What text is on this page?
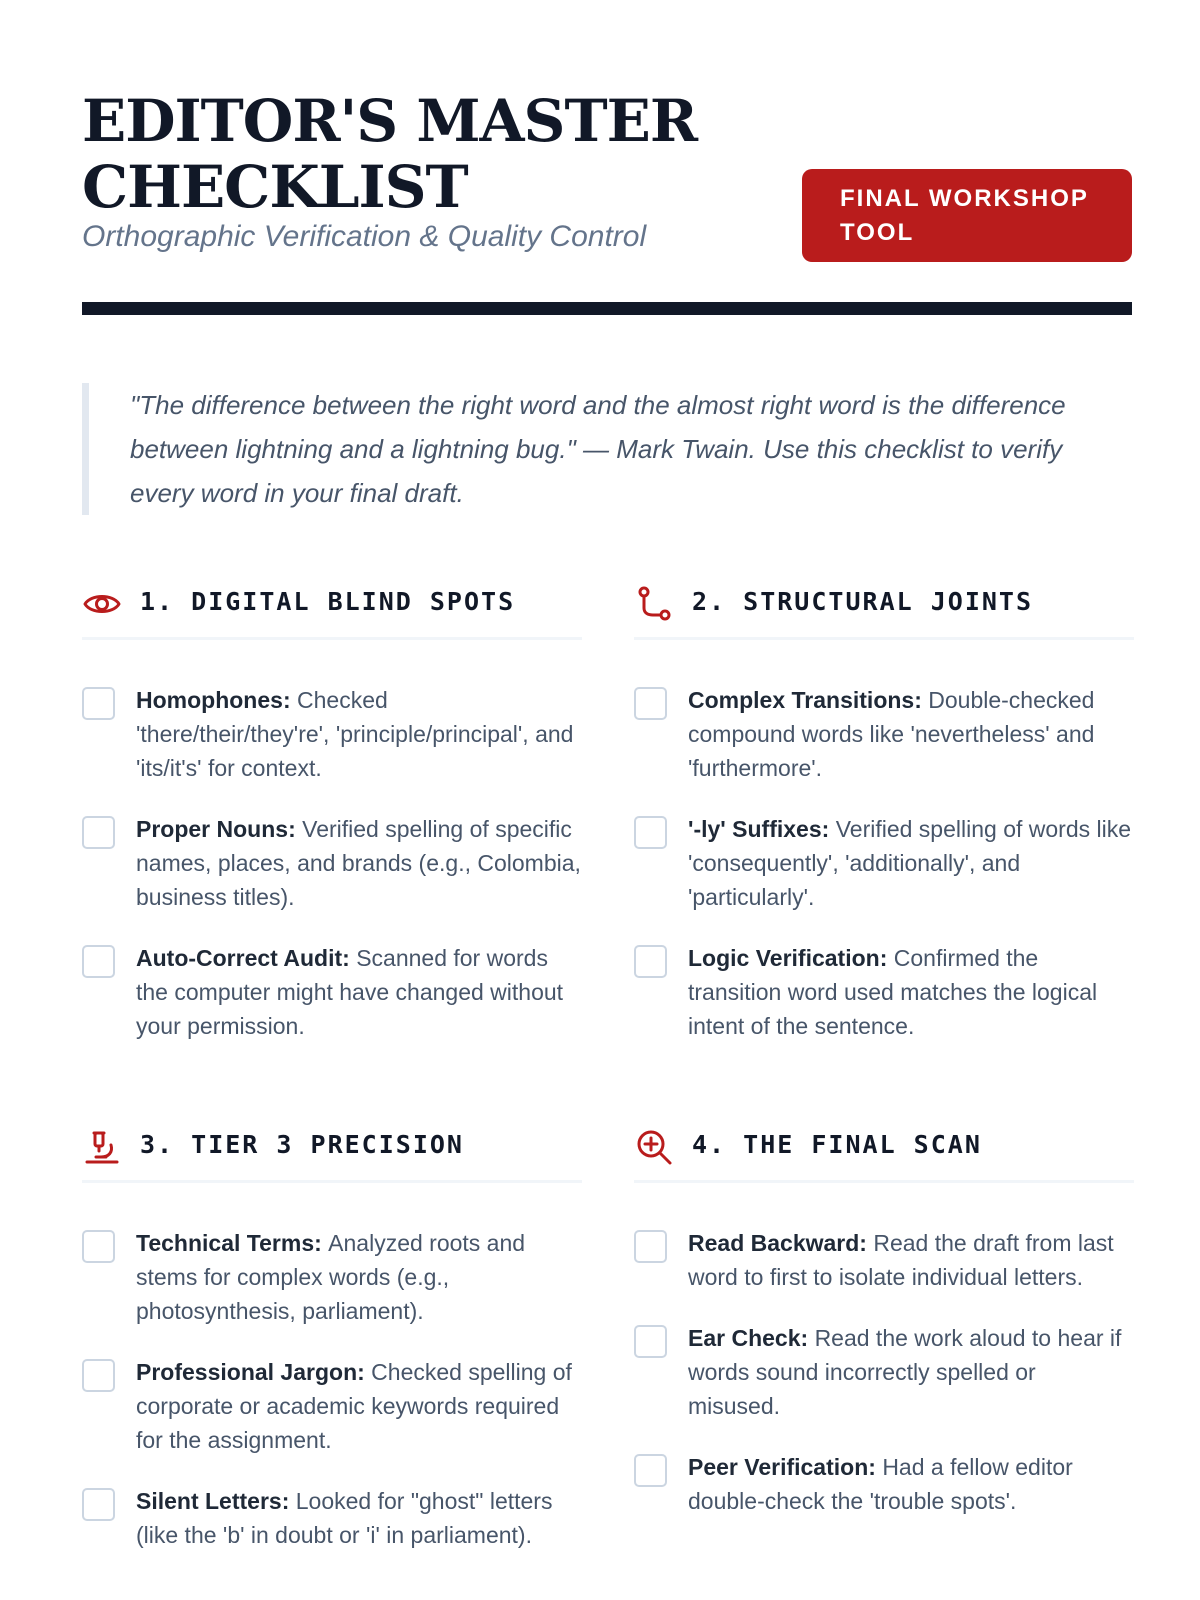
EDITOR'S MASTER CHECKLIST

Orthographic Verification & Quality Control

FINAL WORKSHOP TOOL
"The difference between the right word and the almost right word is the difference between lightning and a lightning bug." — Mark Twain. Use this checklist to verify every word in your final draft.
1. DIGITAL BLIND SPOTS
Homophones: Checked 'there/their/they're', 'principle/principal', and 'its/it's' for context.
Proper Nouns: Verified spelling of specific names, places, and brands (e.g., Colombia, business titles).
Auto-Correct Audit: Scanned for words the computer might have changed without your permission.
2. STRUCTURAL JOINTS
Complex Transitions: Double-checked compound words like 'nevertheless' and 'furthermore'.
'-ly' Suffixes: Verified spelling of words like 'consequently', 'additionally', and 'particularly'.
Logic Verification: Confirmed the transition word used matches the logical intent of the sentence.
3. TIER 3 PRECISION
Technical Terms: Analyzed roots and stems for complex words (e.g., photosynthesis, parliament).
Professional Jargon: Checked spelling of corporate or academic keywords required for the assignment.
Silent Letters: Looked for "ghost" letters (like the 'b' in doubt or 'i' in parliament).
4. THE FINAL SCAN
Read Backward: Read the draft from last word to first to isolate individual letters.
Ear Check: Read the work aloud to hear if words sound incorrectly spelled or misused.
Peer Verification: Had a fellow editor double-check the 'trouble spots'.
